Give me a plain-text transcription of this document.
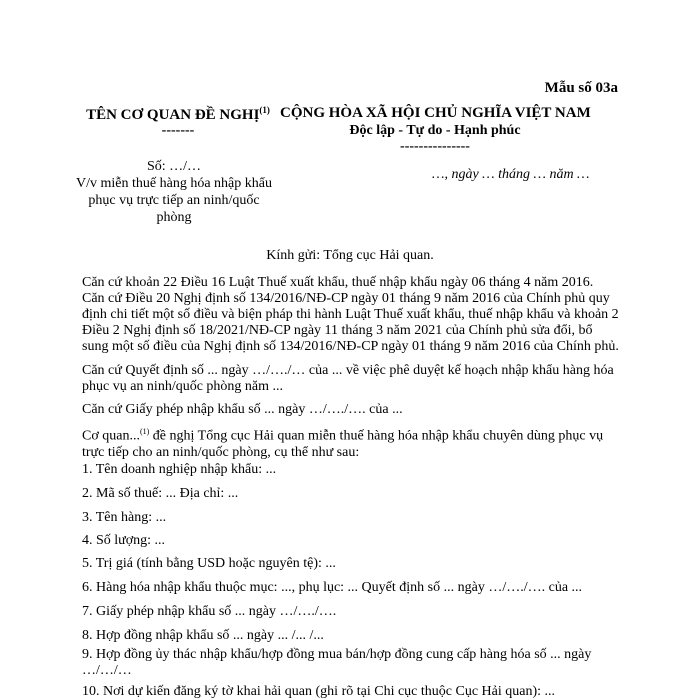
Mẫu số 03a
TÊN CƠ QUAN ĐỀ NGHỊ$^{(1)}$
-------
CỘNG HÒA XÃ HỘI CHỦ NGHĨA VIỆT NAM
Độc lập - Tự do - Hạnh phúc
---------------
Số: …/…
V/v miễn thuế hàng hóa nhập khẩu phục vụ trực tiếp an ninh/quốc phòng
…, ngày … tháng … năm …
Kính gửi: Tổng cục Hải quan.
Căn cứ khoản 22 Điều 16 Luật Thuế xuất khẩu, thuế nhập khẩu ngày 06 tháng 4 năm 2016.
Căn cứ Điều 20 Nghị định số 134/2016/NĐ-CP ngày 01 tháng 9 năm 2016 của Chính phủ quy định chi tiết một số điều và biện pháp thi hành Luật Thuế xuất khẩu, thuế nhập khẩu và khoản 2 Điều 2 Nghị định số 18/2021/NĐ-CP ngày 11 tháng 3 năm 2021 của Chính phủ sửa đổi, bổ sung một số điều của Nghị định số 134/2016/NĐ-CP ngày 01 tháng 9 năm 2016 của Chính phủ.
Căn cứ Quyết định số ... ngày …/…./… của ... về việc phê duyệt kế hoạch nhập khẩu hàng hóa phục vụ an ninh/quốc phòng năm ...
Căn cứ Giấy phép nhập khẩu số ... ngày …/…./…. của ...
Cơ quan...$^{(1)}$ đề nghị Tổng cục Hải quan miễn thuế hàng hóa nhập khẩu chuyên dùng phục vụ trực tiếp cho an ninh/quốc phòng, cụ thể như sau:
1. Tên doanh nghiệp nhập khẩu: ...
2. Mã số thuế: ... Địa chỉ: ...
3. Tên hàng: ...
4. Số lượng: ...
5. Trị giá (tính bằng USD hoặc nguyên tệ): ...
6. Hàng hóa nhập khẩu thuộc mục: ..., phụ lục: ... Quyết định số ... ngày …/…./…. của ...
7. Giấy phép nhập khẩu số ... ngày …/…./….
8. Hợp đồng nhập khẩu số ... ngày ... /... /...
9. Hợp đồng ủy thác nhập khẩu/hợp đồng mua bán/hợp đồng cung cấp hàng hóa số ... ngày …/…/…
10. Nơi dự kiến đăng ký tờ khai hải quan (ghi rõ tại Chi cục thuộc Cục Hải quan): ...
